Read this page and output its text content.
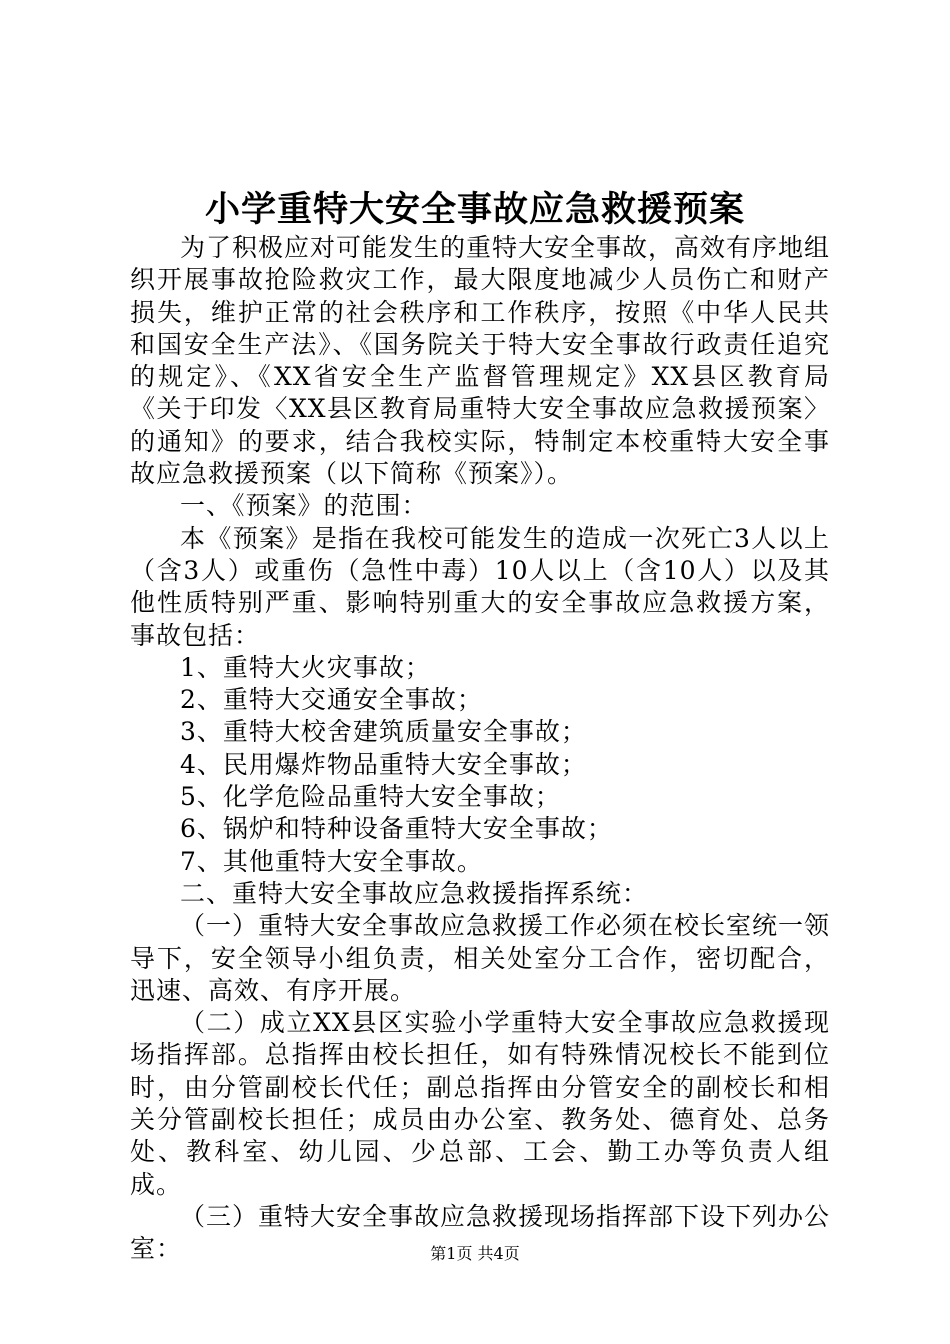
小学重特大安全事故应急救援预案

为了积极应对可能发生的重特大安全事故，高效有序地组织开展事故抢险救灾工作，最大限度地减少人员伤亡和财产损失，维护正常的社会秩序和工作秩序，按照《中华人民共和国安全生产法》、《国务院关于特大安全事故行政责任追究的规定》、《XX省安全生产监督管理规定》XX县区教育局《关于印发〈XX县区教育局重特大安全事故应急救援预案〉的通知》的要求，结合我校实际，特制定本校重特大安全事故应急救援预案（以下简称《预案》）。

一、《预案》的范围：

本《预案》是指在我校可能发生的造成一次死亡3人以上（含3人）或重伤（急性中毒）10人以上（含10人）以及其他性质特别严重、影响特别重大的安全事故应急救援方案，事故包括：

1、重特大火灾事故；

2、重特大交通安全事故；

3、重特大校舍建筑质量安全事故；

4、民用爆炸物品重特大安全事故；

5、化学危险品重特大安全事故；

6、锅炉和特种设备重特大安全事故；

7、其他重特大安全事故。

二、重特大安全事故应急救援指挥系统：

（一）重特大安全事故应急救援工作必须在校长室统一领导下，安全领导小组负责，相关处室分工合作，密切配合，迅速、高效、有序开展。

（二）成立XX县区实验小学重特大安全事故应急救援现场指挥部。总指挥由校长担任，如有特殊情况校长不能到位时，由分管副校长代任；副总指挥由分管安全的副校长和相关分管副校长担任；成员由办公室、教务处、德育处、总务处、教科室、幼儿园、少总部、工会、勤工办等负责人组成。

（三）重特大安全事故应急救援现场指挥部下设下列办公室：	第1页 共4页
